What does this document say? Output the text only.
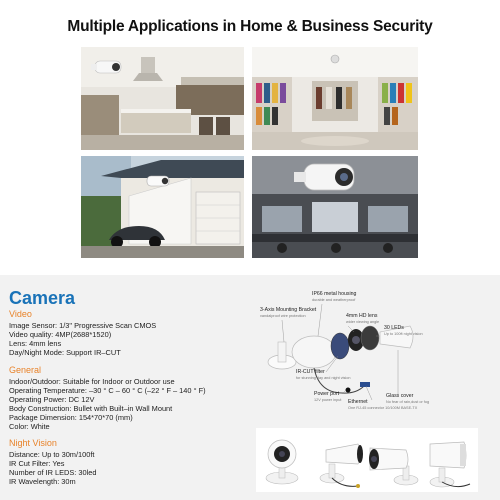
Multiple Applications in Home & Business Security
Camera
Video
Image Sensor: 1/3" Progressive Scan CMOS
Video quality: 4MP(2688*1520)
Lens: 4mm lens
Day/Night Mode: Support IR–CUT
General
Indoor/Outdoor: Suitable for Indoor or Outdoor use
Operating Temperature: –30 ° C – 60 ° C (–22 ° F – 140 ° F)
Operating Power: DC 12V
Body Construction: Bullet with Built–in Wall Mount
Package Dimension: 154*70*70 (mm)
Color: White
Night Vision
Distance: Up to 30m/100ft
IR Cut Filter: Yes
Number of IR LEDS: 30led
IR Wavelength: 30m
IP66 metal housing
durable and weatherproof
3-Axis Mounting Bracket
vandalproof wire protection	4mm HD lens
wider viewing angle
30 LEDs
Up to 100ft night vision
IR-CUT filter
for stunning day and night vision
Power port
12V power input Ethernet
One RJ-45 connector 10/100M BASE-TX
Glass cover
No fear of rain,dust or fog
